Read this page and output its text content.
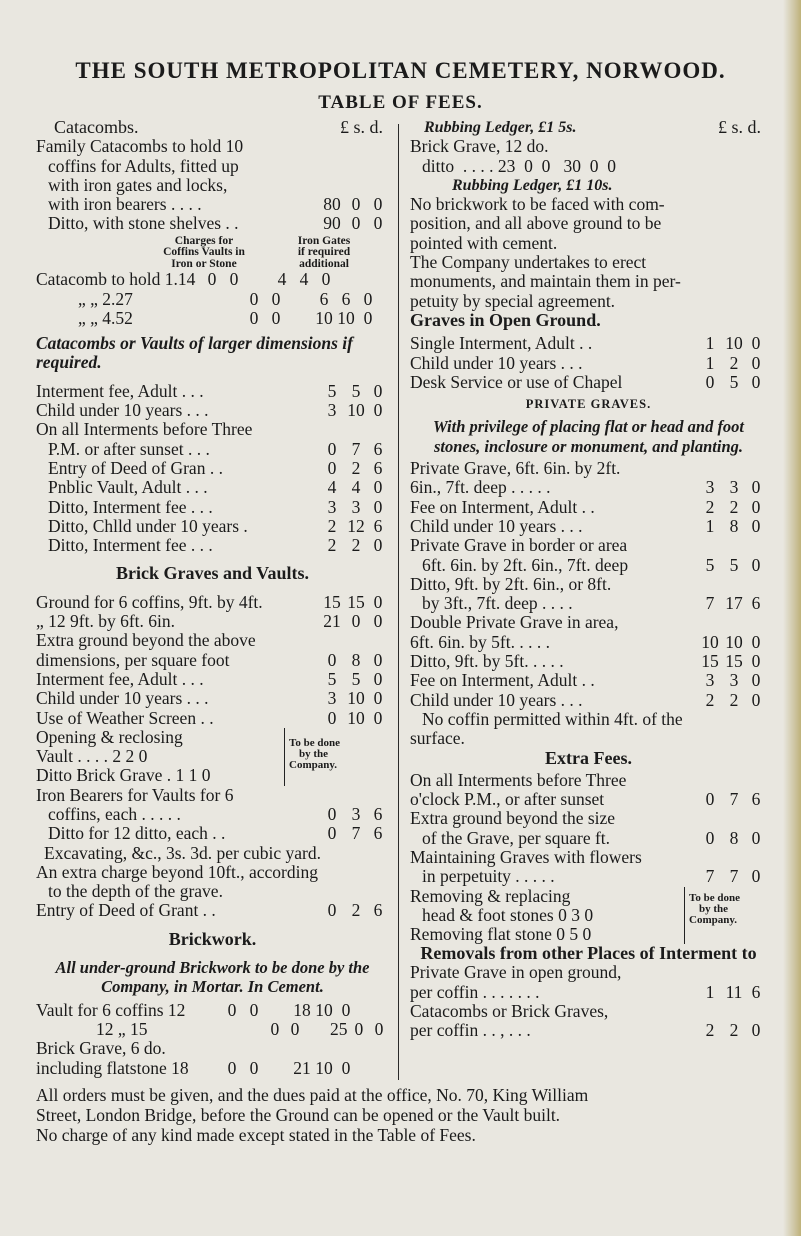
THE SOUTH METROPOLITAN CEMETERY, NORWOOD.
TABLE OF FEES.
Catacombs.	£ s. d.
Family Catacombs to hold 10
coffins for Adults, fitted up
with iron gates and locks,
with iron bearers . . . .	80 0 0
Ditto, with stone shelves . .	90 0 0
Charges for
Coffins Vaults in
Iron or Stone
Iron Gates
if required
additional
Catacomb to hold 1.14 0 0	4 4 0
„ „ 2.27	0 0	6 6 0
„ „ 4.52	0 0	10 10 0
Catacombs or Vaults of larger dimensions if required.
Interment fee, Adult . . .	5 5 0
Child under 10 years . . .	3 10 0
On all Interments before Three
P.M. or after sunset . . .	0 7 6
Entry of Deed of Gran . .	0 2 6
Pnblic Vault, Adult . . .	4 4 0
Ditto, Interment fee . . .	3 3 0
Ditto, Chlld under 10 years .	2 12 6
Ditto, Interment fee . . .	2 2 0
Brick Graves and Vaults.
Ground for 6 coffins, 9ft. by 4ft.	15 15 0
„ 12 9ft. by 6ft. 6in.	21 0 0
Extra ground beyond the above
dimensions, per square foot	0 8 0
Interment fee, Adult . . .	5 5 0
Child under 10 years . . .	3 10 0
Use of Weather Screen . .	0 10 0
Opening & reclosing
Vault . . . . 2 2 0
Ditto Brick Grave . 1 1 0
To be done
by the
Company.
Iron Bearers for Vaults for 6
coffins, each . . . . .	0 3 6
Ditto for 12 ditto, each . .	0 7 6
Excavating, &c., 3s. 3d. per cubic yard.
An extra charge beyond 10ft., according
to the depth of the grave.
Entry of Deed of Grant . .	0 2 6
Brickwork.
All under-ground Brickwork to be done by the Company, in Mortar. In Cement.
Vault for 6 coffins 12	0 0	18 10 0
12 „ 15	0 0	25 0 0
Brick Grave, 6 do.
including flatstone 18	0 0	21 10 0
Rubbing Ledger, £1 5s.	£ s. d.
Brick Grave, 12 do.
ditto  . . . . 23  0  0   30  0  0
Rubbing Ledger, £1 10s.
No brickwork to be faced with com-
position, and all above ground to be
pointed with cement.
The Company undertakes to erect
monuments, and maintain them in per-
petuity by special agreement.
Graves in Open Ground.
Single Interment, Adult . .	1 10 0
Child under 10 years . . .	1 2 0
Desk Service or use of Chapel	0 5 0
PRIVATE GRAVES.
With privilege of placing flat or head and foot stones, inclosure or monument, and planting.
Private Grave, 6ft. 6in. by 2ft.
6in., 7ft. deep . . . . .	3 3 0
Fee on Interment, Adult . .	2 2 0
Child under 10 years . . .	1 8 0
Private Grave in border or area
6ft. 6in. by 2ft. 6in., 7ft. deep	5 5 0
Ditto, 9ft. by 2ft. 6in., or 8ft.
by 3ft., 7ft. deep . . . .	7 17 6
Double Private Grave in area,
6ft. 6in. by 5ft. . . . .	10 10 0
Ditto, 9ft. by 5ft. . . . .	15 15 0
Fee on Interment, Adult . .	3 3 0
Child under 10 years . . .	2 2 0
No coffin permitted within 4ft. of the
surface.
Extra Fees.
On all Interments before Three
o'clock P.M., or after sunset	0 7 6
Extra ground beyond the size
of the Grave, per square ft.	0 8 0
Maintaining Graves with flowers
in perpetuity . . . . .	7 7 0
Removing & replacing
head & foot stones 0 3 0
Removing flat stone 0 5 0
To be done
by the
Company.
Removals from other Places of Interment to
Private Grave in open ground,
per coffin . . . . . . .	1 11 6
Catacombs or Brick Graves,
per coffin . . , . . .	2 2 0
All orders must be given, and the dues paid at the office, No. 70, King William
Street, London Bridge, before the Ground can be opened or the Vault built.
No charge of any kind made except stated in the Table of Fees.
